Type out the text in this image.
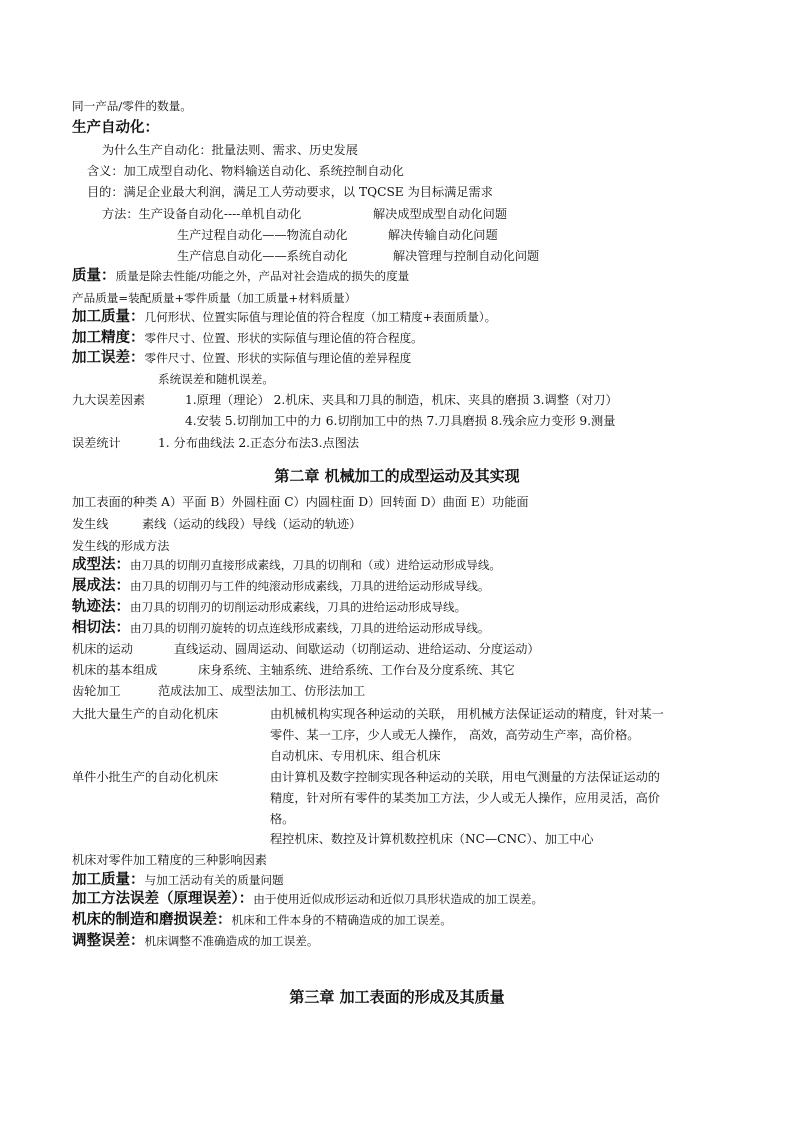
同一产品/零件的数量。
生产自动化：
为什么生产自动化：批量法则、需求、历史发展
含义：加工成型自动化、物料输送自动化、系统控制自动化
目的：满足企业最大利润，满足工人劳动要求，以 TQCSE 为目标满足需求
方法：生产设备自动化----单机自动化	解决成型成型自动化问题
生产过程自动化——物流自动化	解决传输自动化问题
生产信息自动化——系统自动化	解决管理与控制自动化问题
质量：质量是除去性能/功能之外，产品对社会造成的损失的度量
产品质量=装配质量+零件质量（加工质量+材料质量）
加工质量：几何形状、位置实际值与理论值的符合程度（加工精度+表面质量）。
加工精度：零件尺寸、位置、形状的实际值与理论值的符合程度。
加工误差：零件尺寸、位置、形状的实际值与理论值的差异程度
系统误差和随机误差。
九大误差因素	1.原理（理论） 2.机床、夹具和刀具的制造，机床、夹具的磨损 3.调整（对刀）
4.安装 5.切削加工中的力 6.切削加工中的热 7.刀具磨损 8.残余应力变形 9.测量
误差统计	1. 分布曲线法 2.正态分布法3.点图法
第二章 机械加工的成型运动及其实现
加工表面的种类 A）平面 B）外圆柱面 C）内圆柱面 D）回转面 D）曲面 E）功能面
发生线	素线（运动的线段）导线（运动的轨迹）
发生线的形成方法
成型法：由刀具的切削刃直接形成素线，刀具的切削和（或）进给运动形成导线。
展成法：由刀具的切削刃与工件的纯滚动形成素线，刀具的进给运动形成导线。
轨迹法：由刀具的切削刃的切削运动形成素线，刀具的进给运动形成导线。
相切法：由刀具的切削刃旋转的切点连线形成素线，刀具的进给运动形成导线。
机床的运动	直线运动、圆周运动、间歇运动（切削运动、进给运动、分度运动）
机床的基本组成	床身系统、主轴系统、进给系统、工作台及分度系统、其它
齿轮加工	范成法加工、成型法加工、仿形法加工
大批大量生产的自动化机床	由机械机构实现各种运动的关联， 用机械方法保证运动的精度，针对某一
零件、某一工序，少人或无人操作， 高效，高劳动生产率，高价格。
自动机床、专用机床、组合机床
单件小批生产的自动化机床	由计算机及数字控制实现各种运动的关联，用电气测量的方法保证运动的
精度，针对所有零件的某类加工方法，少人或无人操作，应用灵活，高价
格。
程控机床、数控及计算机数控机床（NC—CNC）、加工中心
机床对零件加工精度的三种影响因素
加工质量：与加工活动有关的质量问题
加工方法误差（原理误差）：由于使用近似成形运动和近似刀具形状造成的加工误差。
机床的制造和磨损误差：机床和工件本身的不精确造成的加工误差。
调整误差：机床调整不准确造成的加工误差。
第三章 加工表面的形成及其质量
